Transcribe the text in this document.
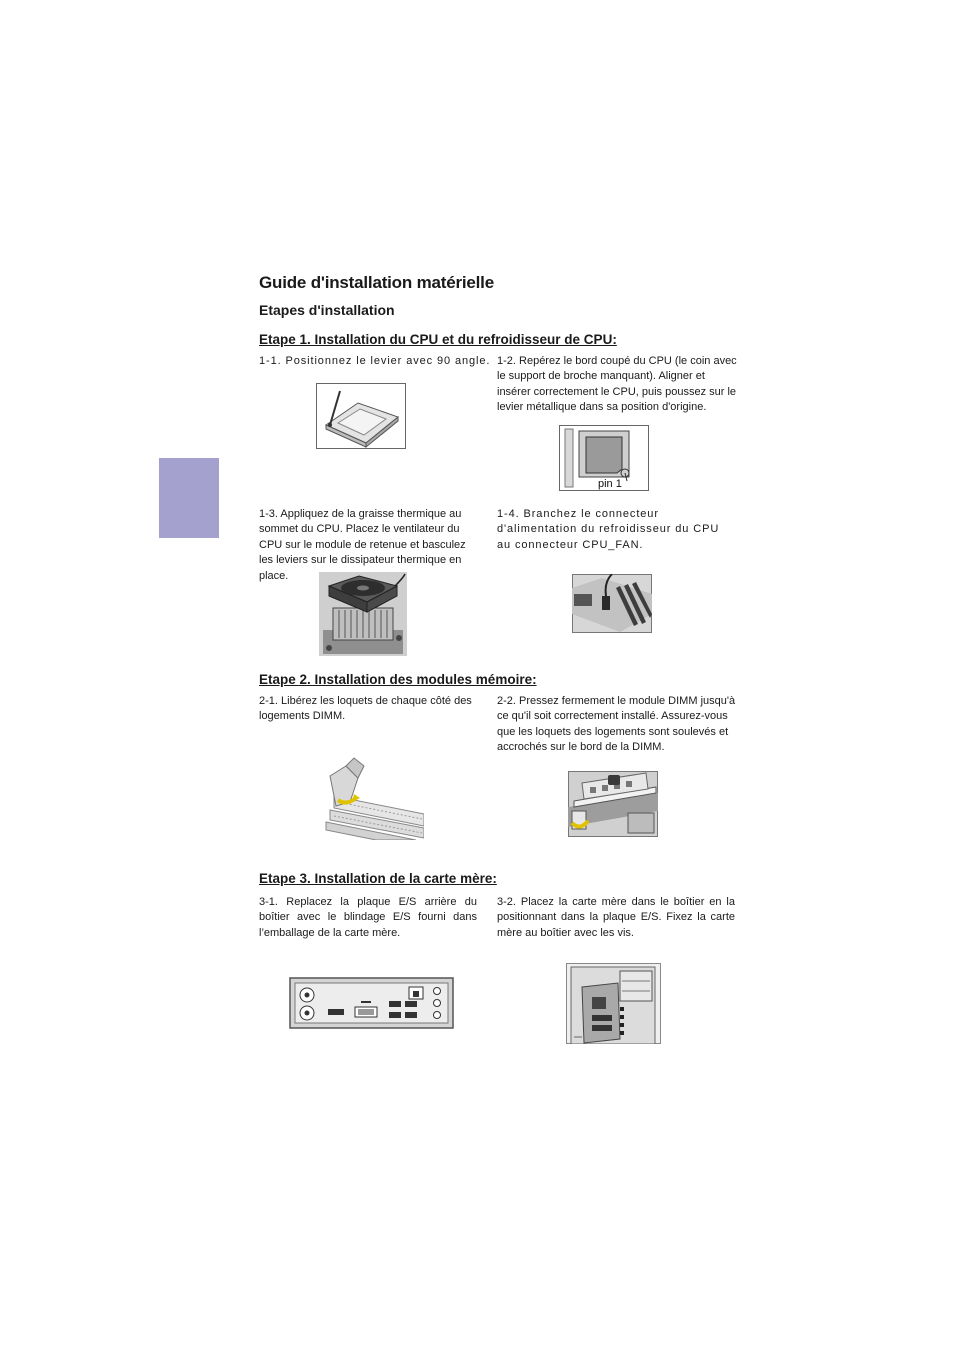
Guide d'installation matérielle
Etapes d'installation
Etape 1. Installation du CPU et du refroidisseur de CPU:

1-1. Positionnez le levier avec 90 angle. 1-2. Repérez le bord coupé du CPU (le coin avec le support de broche manquant). Aligner et insérer correctement le CPU, puis poussez sur le levier métallique dans sa position d'origine.

pin 1

1-3. Appliquez de la graisse thermique au sommet du CPU. Placez le ventilateur du CPU sur le module de retenue et basculez les leviers sur le dissipateur thermique en place.

1-4. Branchez le connecteur d'alimentation du refroidisseur du CPU au connecteur CPU_FAN.

Etape 2. Installation des modules mémoire:

2-1. Libérez les loquets de chaque côté des logements DIMM.

2-2. Pressez fermement le module DIMM jusqu'à ce qu'il soit correctement installé. Assurez-vous que les loquets des logements sont soulevés et accrochés sur le bord de la DIMM.

Etape 3. Installation de la carte mère:

3-1. Replacez la plaque E/S arrière du boîtier avec le blindage E/S fourni dans l’emballage de la carte mère.

3-2. Placez la carte mère dans le boîtier en la positionnant dans la plaque E/S. Fixez la carte mère au boîtier avec les vis.
